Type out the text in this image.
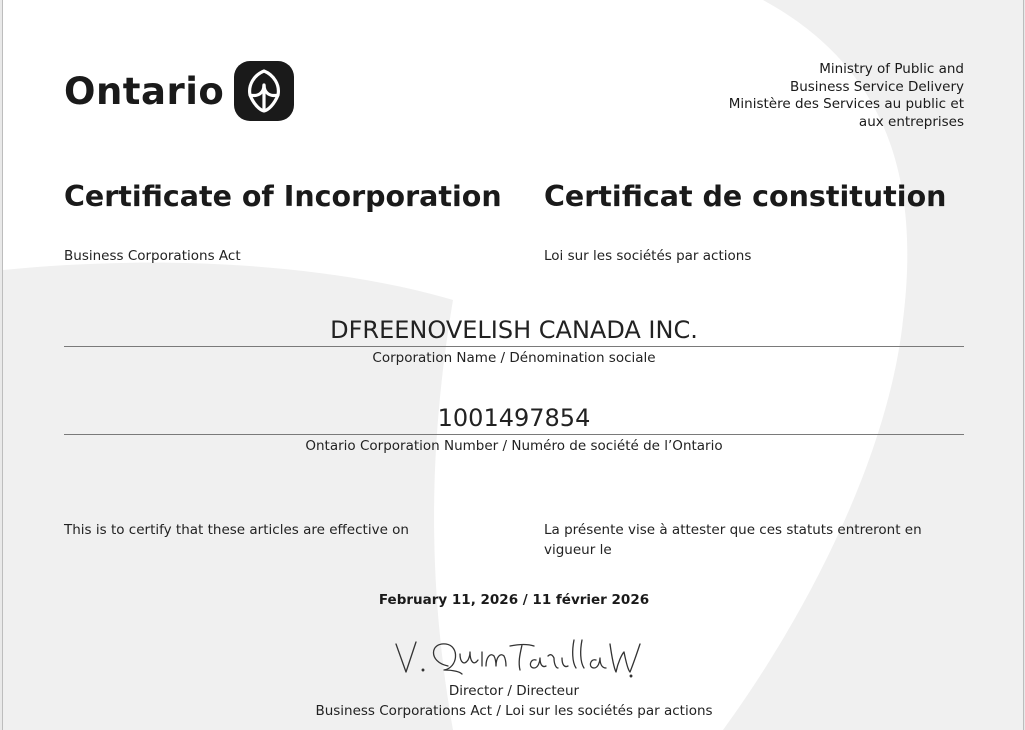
Ontario
Ministry of Public and
Business Service Delivery
Ministère des Services au public et
aux entreprises
Certificate of Incorporation Certificat de constitution
Business Corporations Act	Loi sur les sociétés par actions
DFREENOVELISH CANADA INC.
Corporation Name / Dénomination sociale
1001497854
Ontario Corporation Number / Numéro de société de l’Ontario
This is to certify that these articles are effective on	La présente vise à attester que ces statuts entreront en vigueur le
February 11, 2026 / 11 février 2026
Director / Directeur
Business Corporations Act / Loi sur les sociétés par actions
